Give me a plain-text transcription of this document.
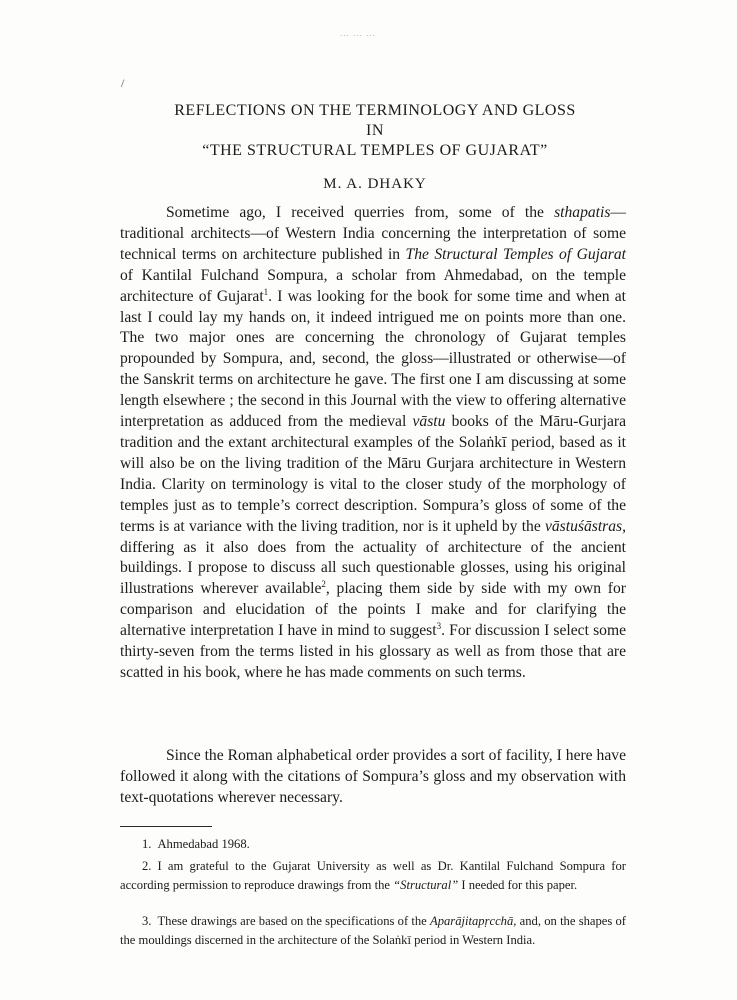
... ... ...
REFLECTIONS ON THE TERMINOLOGY AND GLOSS
IN
“THE STRUCTURAL TEMPLES OF GUJARAT”
M. A. DHAKY

Sometime ago, I received querries from, some of the sthapatis—traditional architects—of Western India concerning the interpretation of some technical terms on architecture published in The Structural Temples of Gujarat of Kantilal Fulchand Sompura, a scholar from Ahmedabad, on the temple architecture of Gujarat$^1$. I was looking for the book for some time and when at last I could lay my hands on, it indeed intrigued me on points more than one. The two major ones are concerning the chronology of Gujarat temples propounded by Sompura, and, second, the gloss—illustrated or otherwise—of the Sanskrit terms on architecture he gave. The first one I am discussing at some length elsewhere ; the second in this Journal with the view to offering alternative interpretation as adduced from the medieval vāstu books of the Māru-Gurjara tradition and the extant architectural examples of the Solaṅkī period, based as it will also be on the living tradition of the Māru Gurjara architecture in Western India. Clarity on terminology is vital to the closer study of the morphology of temples just as to temple’s correct description. Sompura’s gloss of some of the terms is at variance with the living tradition, nor is it upheld by the vāstuśāstras, differing as it also does from the actuality of architecture of the ancient buildings. I propose to discuss all such questionable glosses, using his original illustrations wherever available$^2$, placing them side by side with my own for comparison and elucidation of the points I make and for clarifying the alternative interpretation I have in mind to suggest$^3$. For discussion I select some thirty-seven from the terms listed in his glossary as well as from those that are scatted in his book, where he has made comments on such terms.

Since the Roman alphabetical order provides a sort of facility, I here have followed it along with the citations of Sompura’s gloss and my observation with text-quotations wherever necessary.

1. Ahmedabad 1968.
2. I am grateful to the Gujarat University as well as Dr. Kantilal Fulchand Sompura for according permission to reproduce drawings from the “Structural” I needed for this paper.
3. These drawings are based on the specifications of the Aparājitapṛcchā, and, on the shapes of the mouldings discerned in the architecture of the Solaṅkī period in Western India.
